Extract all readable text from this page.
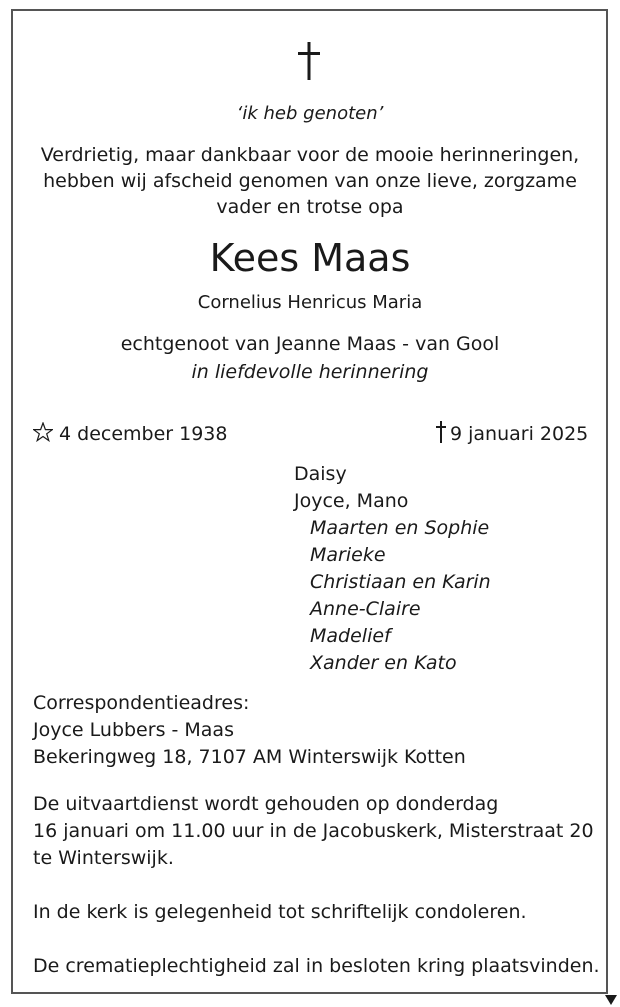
‘ik heb genoten’
Verdrietig, maar dankbaar voor de mooie herinneringen,
hebben wij afscheid genomen van onze lieve, zorgzame
vader en trotse opa
Kees Maas
Cornelius Henricus Maria
echtgenoot van Jeanne Maas - van Gool
in liefdevolle herinnering
4 december 1938	9 januari 2025
Daisy
Joyce, Mano
Maarten en Sophie
Marieke
Christiaan en Karin
Anne-Claire
Madelief
Xander en Kato
Correspondentieadres:
Joyce Lubbers - Maas
Bekeringweg 18, 7107 AM Winterswijk Kotten
De uitvaartdienst wordt gehouden op donderdag
16 januari om 11.00 uur in de Jacobuskerk, Misterstraat 20
te Winterswijk.
In de kerk is gelegenheid tot schriftelijk condoleren.
De crematieplechtigheid zal in besloten kring plaatsvinden.
